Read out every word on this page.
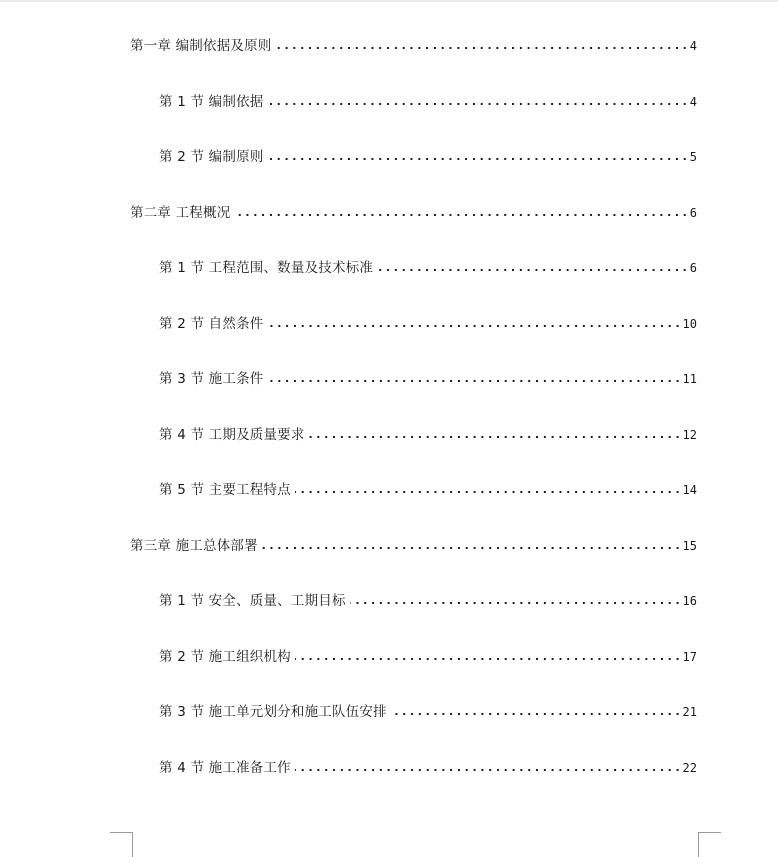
第一章 编制依据及原则 . . .	4
第 1 节 编制依据 . . .	4
第 2 节 编制原则 . . .	5
第二章 工程概况 . . .	6
第 1 节 工程范围、数量及技术标准 . . .	6
第 2 节 自然条件 . . .	10
第 3 节 施工条件 . . .	11
第 4 节 工期及质量要求 . . .	12
第 5 节 主要工程特点 . . .	14
第三章 施工总体部署 . . .	15
第 1 节 安全、质量、工期目标 . . .	16
第 2 节 施工组织机构 . . .	17
第 3 节 施工单元划分和施工队伍安排 . . .	21
第 4 节 施工准备工作 . . .	22
